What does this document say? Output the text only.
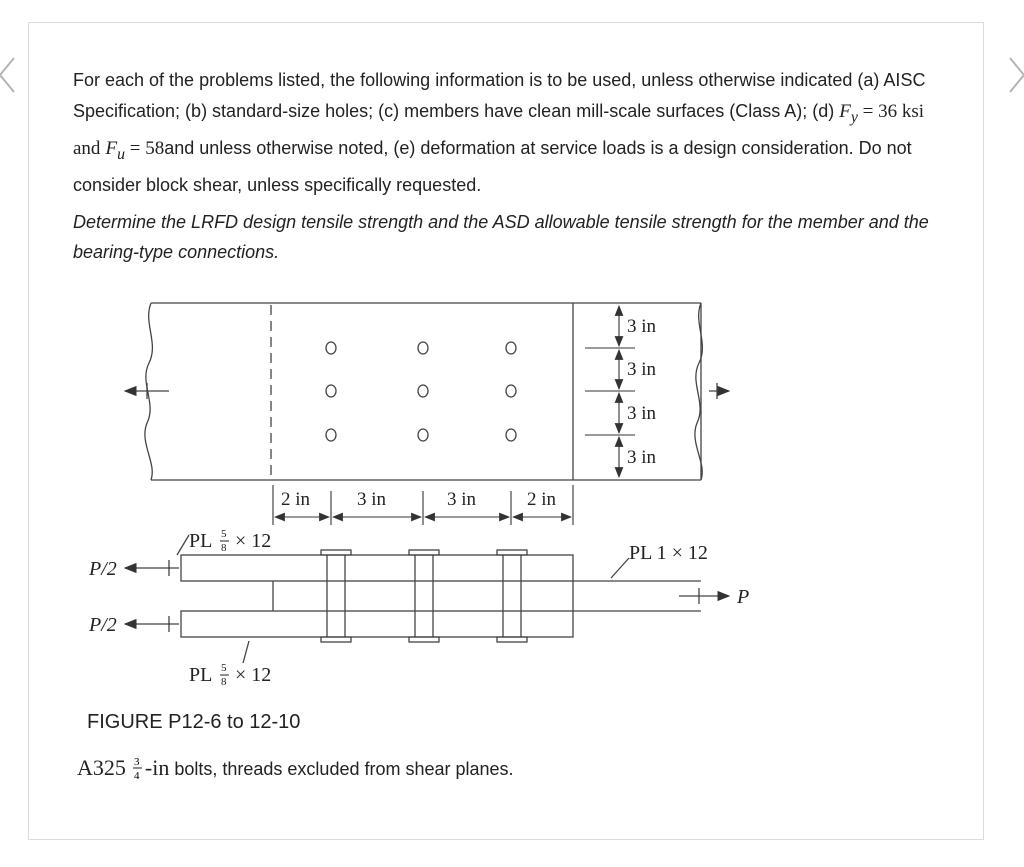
For each of the problems listed, the following information is to be used, unless otherwise indicated (a) AISC Specification; (b) standard-size holes; (c) members have clean mill-scale surfaces (Class A); (d) $F_y = 36$ ksi and $F_u = 58and$ unless otherwise noted, (e) deformation at service loads is a design consideration. Do not consider block shear, unless specifically requested.

Determine the LRFD design tensile strength and the ASD allowable tensile strength for the member and the bearing-type connections.

3 in
3 in
3 in
3 in
2 in 3 in	3 in	2 in
P/2
P/2
P
PL 1 × 12
PL 5
8 × 12
PL 5
8 × 12
FIGURE P12-6 to 12-10
A325 3
4 -in bolts, threads excluded from shear planes.
